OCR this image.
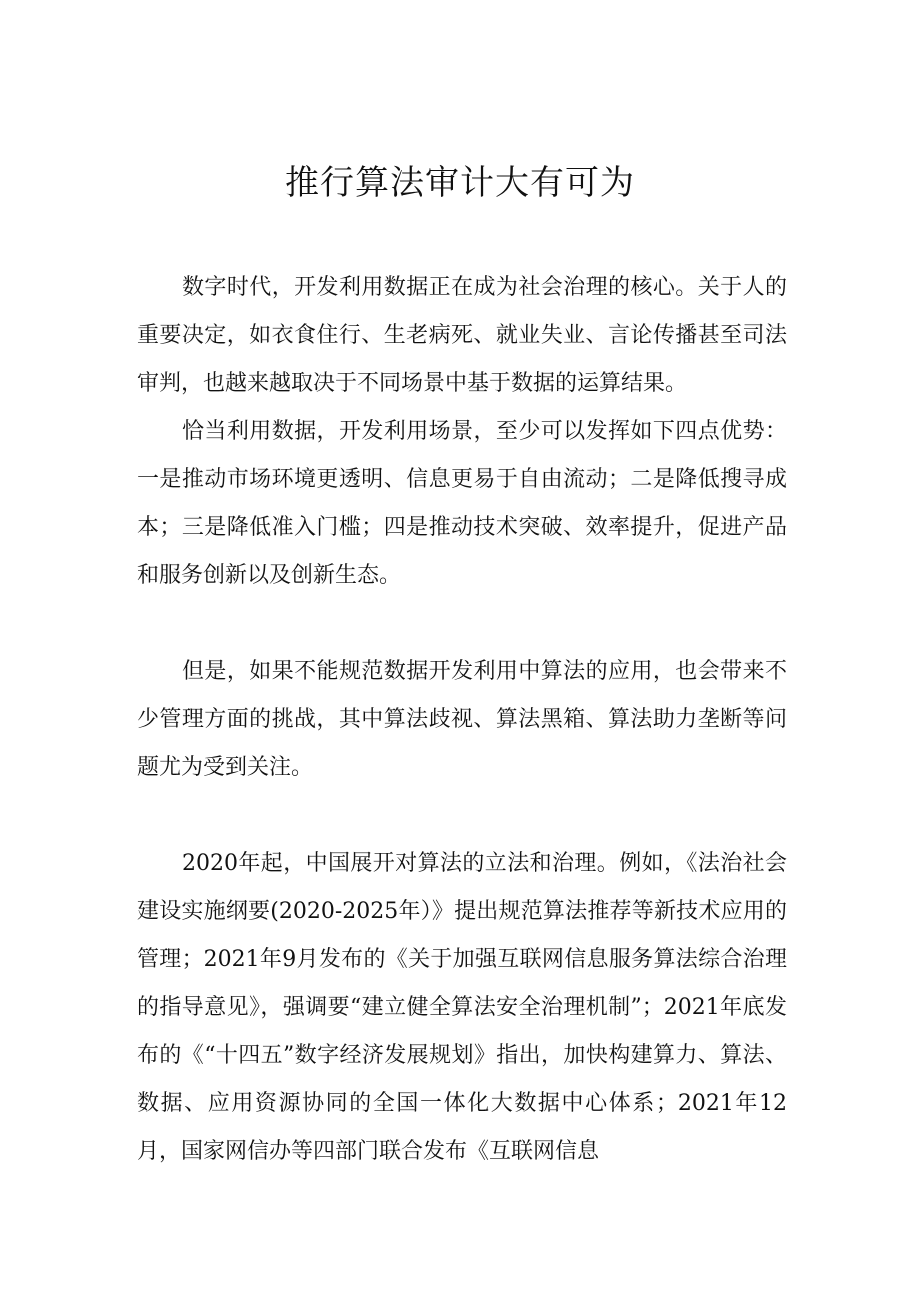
推行算法审计大有可为

数字时代，开发利用数据正在成为社会治理的核心。关于人的重要决定，如衣食住行、生老病死、就业失业、言论传播甚至司法审判，也越来越取决于不同场景中基于数据的运算结果。

恰当利用数据，开发利用场景，至少可以发挥如下四点优势：一是推动市场环境更透明、信息更易于自由流动；二是降低搜寻成本；三是降低准入门槛；四是推动技术突破、效率提升，促进产品和服务创新以及创新生态。

但是，如果不能规范数据开发利用中算法的应用，也会带来不少管理方面的挑战，其中算法歧视、算法黑箱、算法助力垄断等问题尤为受到关注。

2020年起，中国展开对算法的立法和治理。例如，《法治社会建设实施纲要(2020-2025年）》提出规范算法推荐等新技术应用的管理；2021年9月发布的《关于加强互联网信息服务算法综合治理的指导意见》，强调要“建立健全算法安全治理机制”；2021年底发布的《“十四五”数字经济发展规划》指出，加快构建算力、算法、数据、应用资源协同的全国一体化大数据中心体系；2021年12月，国家网信办等四部门联合发布《互联网信息
